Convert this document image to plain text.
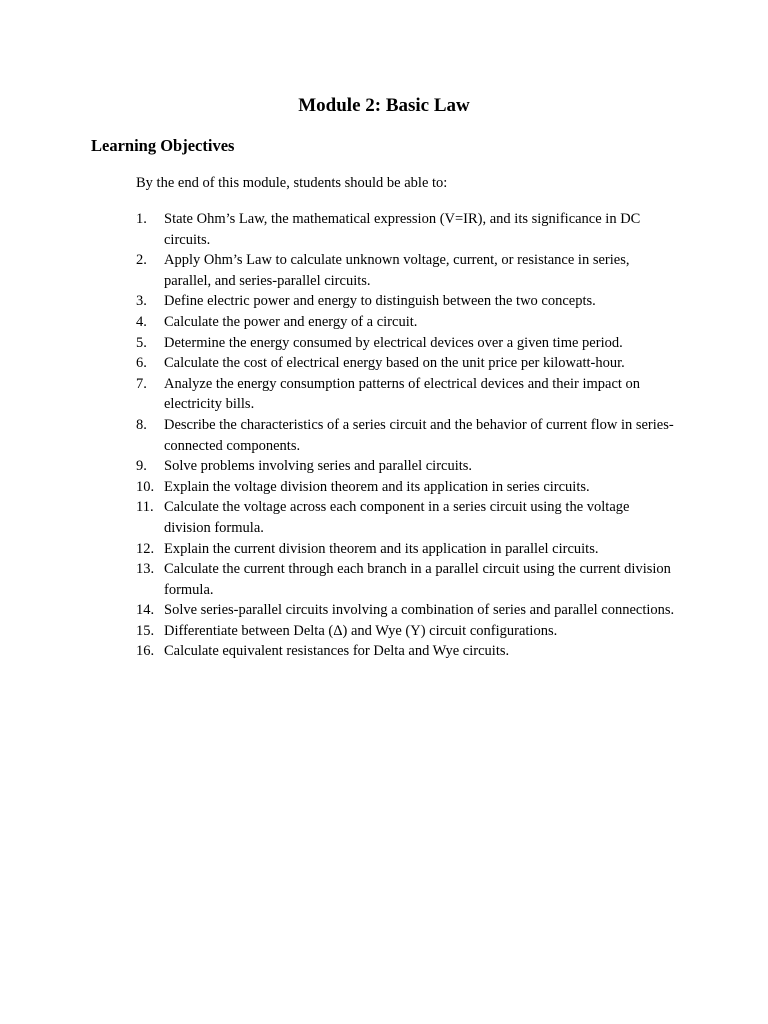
Module 2: Basic Law
Learning Objectives

By the end of this module, students should be able to:

1.	State Ohm’s Law, the mathematical expression (V=IR), and its significance in DC circuits.
2.	Apply Ohm’s Law to calculate unknown voltage, current, or resistance in series, parallel, and series-parallel circuits.
3.	Define electric power and energy to distinguish between the two concepts.
4.	Calculate the power and energy of a circuit.
5.	Determine the energy consumed by electrical devices over a given time period.
6.	Calculate the cost of electrical energy based on the unit price per kilowatt-hour.
7.	Analyze the energy consumption patterns of electrical devices and their impact on electricity bills.
8.	Describe the characteristics of a series circuit and the behavior of current flow in series-connected components.
9.	Solve problems involving series and parallel circuits.
10. Explain the voltage division theorem and its application in series circuits.
11. Calculate the voltage across each component in a series circuit using the voltage division formula.
12. Explain the current division theorem and its application in parallel circuits.
13. Calculate the current through each branch in a parallel circuit using the current division formula.
14. Solve series-parallel circuits involving a combination of series and parallel connections.
15. Differentiate between Delta (Δ) and Wye (Y) circuit configurations.
16. Calculate equivalent resistances for Delta and Wye circuits.
